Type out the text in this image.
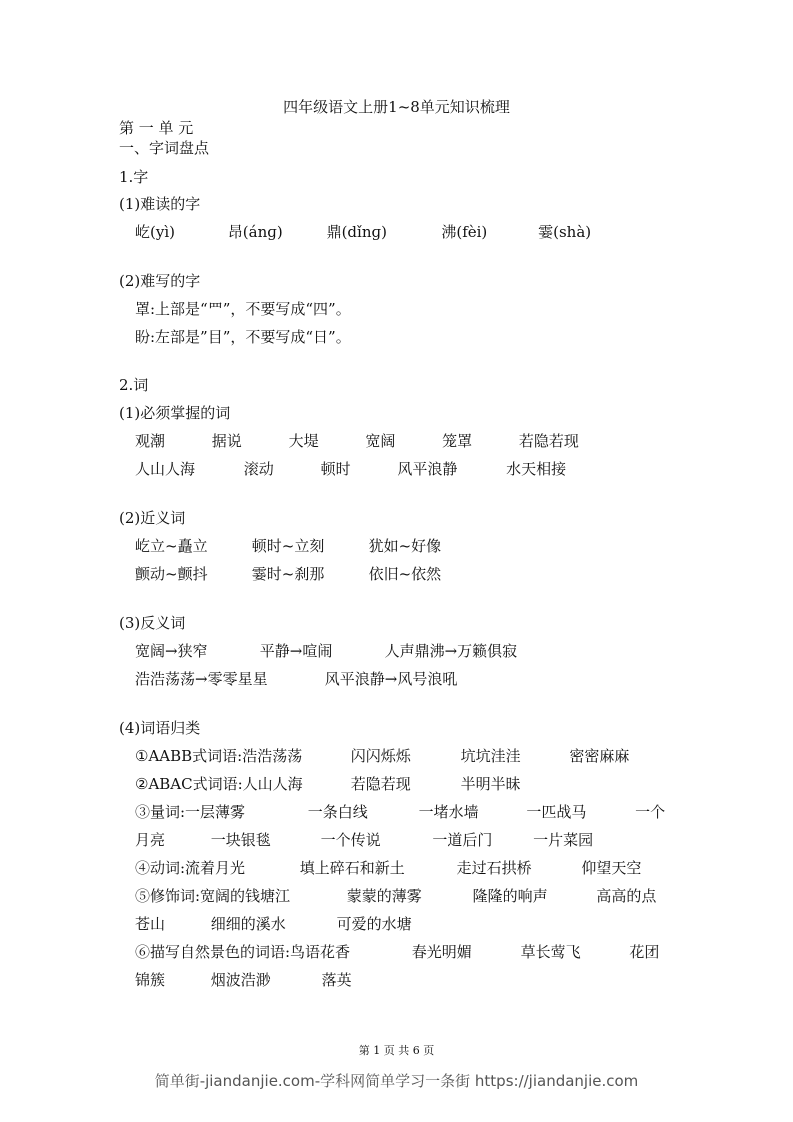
四年级语文上册1~8单元知识梳理
第 一 单 元
一、字词盘点
1.字
(1)难读的字
屹(yì)	昂(ánɡ)	鼎(dǐnɡ)	沸(fèi)	霎(shà)
(2)难写的字
罩:上部是“罒”，不要写成“四”。
盼:左部是”目”，不要写成“日”。
2.词
(1)必须掌握的词
观潮	据说	大堤	宽阔	笼罩	若隐若现
人山人海	滚动	顿时	风平浪静	水天相接
(2)近义词
屹立~矗立	顿时~立刻	犹如~好像
颤动~颤抖	霎时~刹那	依旧~依然
(3)反义词
宽阔→狭窄	平静→喧闹	人声鼎沸→万籁俱寂
浩浩荡荡→零零星星	风平浪静→风号浪吼
(4)词语归类
①AABB式词语:浩浩荡荡	闪闪烁烁	坑坑洼洼	密密麻麻
②ABAC式词语:人山人海	若隐若现	半明半昧
③量词:一层薄雾	一条白线	一堵水墙	一匹战马	一个
月亮	一块银毯	一个传说	一道后门	一片菜园
④动词:流着月光	填上碎石和新土	走过石拱桥	仰望天空
⑤修饰词:宽阔的钱塘江	蒙蒙的薄雾	隆隆的响声	高高的点
苍山	细细的溪水	可爱的水塘
⑥描写自然景色的词语:鸟语花香	春光明媚	草长莺飞	花团
锦簇	烟波浩渺	落英
第 1 页 共 6 页
简单街-jiandanjie.com-学科网简单学习一条街 https://jiandanjie.com
